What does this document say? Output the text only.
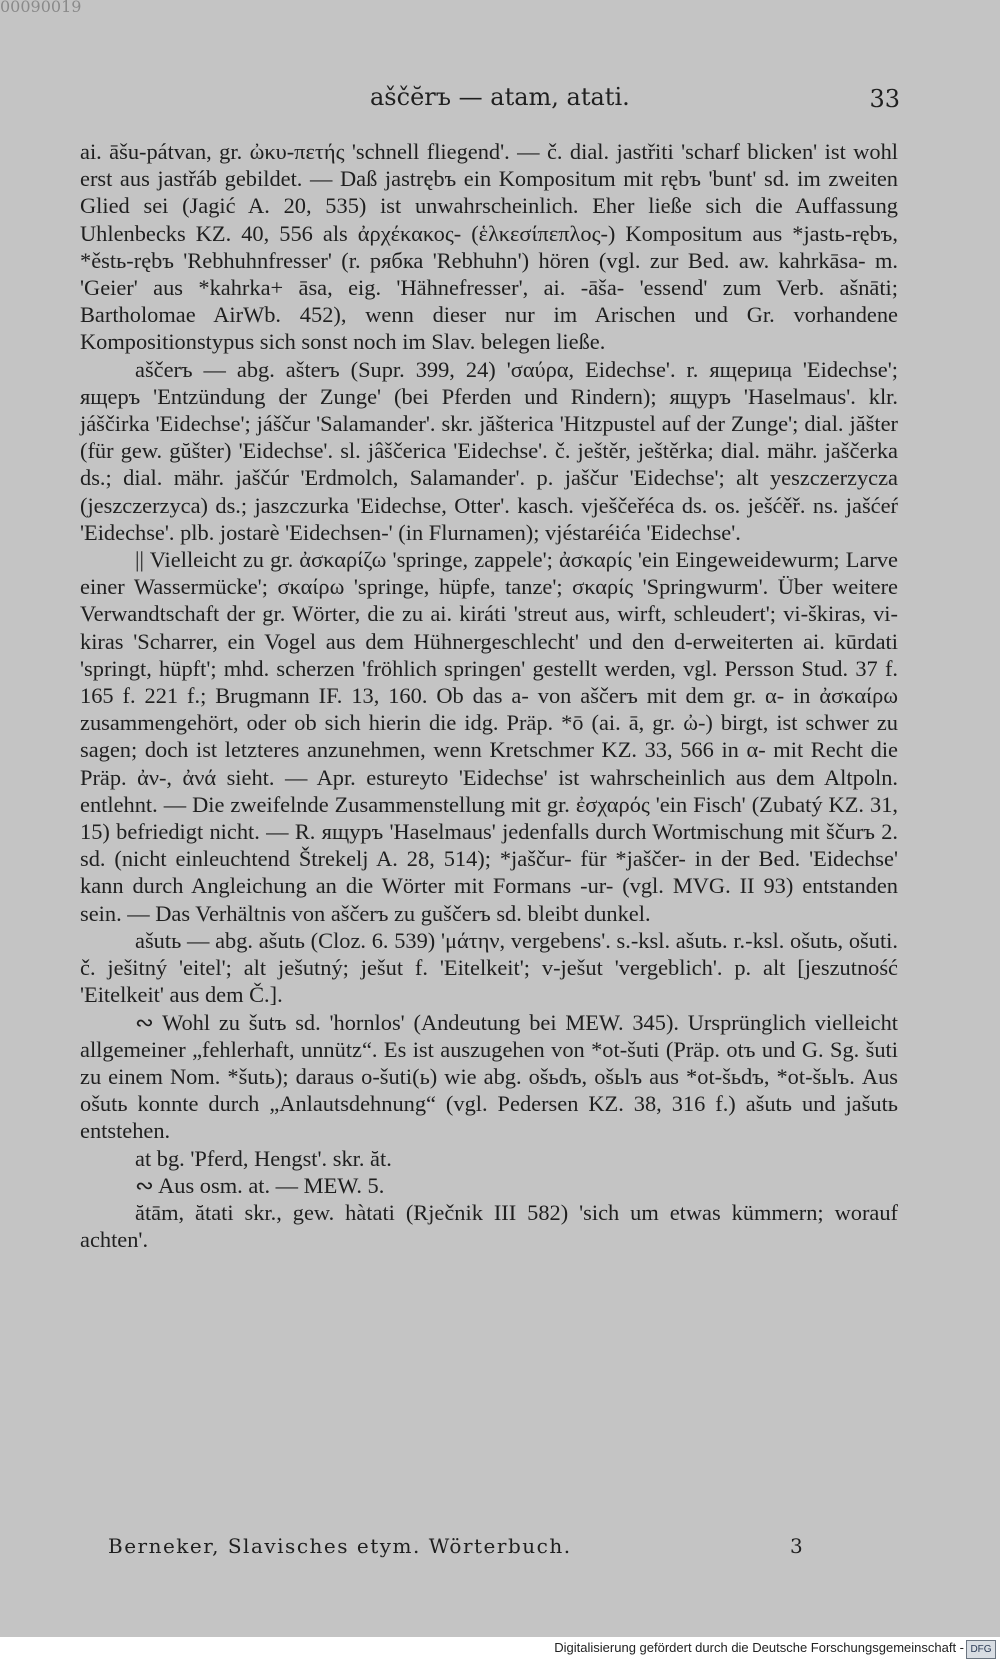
00090019
aščĕrъ — atam, atati.	33

ai. āšu-pátvan, gr. ὠκυ-πετής 'schnell fliegend'. — č. dial. jastřiti 'scharf blicken' ist wohl erst aus jastřáb gebildet. — Daß jastrębъ ein Kompositum mit rębъ 'bunt' sd. im zweiten Glied sei (Jagić A. 20, 535) ist unwahrscheinlich. Eher ließe sich die Auffassung Uhlenbecks KZ. 40, 556 als ἀρχέκακος- (ἑλκεσίπεπλος-) Kompositum aus *jastь-rębъ, *ěstь-rębъ 'Rebhuhnfresser' (r. рябка 'Rebhuhn') hören (vgl. zur Bed. aw. kahrkāsa- m. 'Geier' aus *kahrka+ āsa, eig. 'Hähnefresser', ai. -āša- 'essend' zum Verb. ašnāti; Bartholomae AirWb. 452), wenn dieser nur im Arischen und Gr. vorhandene Kompositionstypus sich sonst noch im Slav. belegen ließe.

aščerъ — abg. ašterъ (Supr. 399, 24) 'σαύρα, Eidechse'. r. ящерица 'Eidechse'; ящеръ 'Entzündung der Zunge' (bei Pferden und Rindern); ящуръ 'Haselmaus'. klr. jáščirka 'Eidechse'; jáščur 'Salamander'. skr. jăšterica 'Hitzpustel auf der Zunge'; dial. jăšter (für gew. gŭšter) 'Eidechse'. sl. jâščerica 'Eidechse'. č. ještěr, ještěrka; dial. mähr. jaščerka ds.; dial. mähr. jaščúr 'Erdmolch, Salamander'. p. jaščur 'Eidechse'; alt yeszczerzycza (jeszczerzyca) ds.; jaszczurka 'Eidechse, Otter'. kasch. vješčeřéca ds. os. ješćěř. ns. jašćeŕ 'Eidechse'. plb. jostarè 'Eidechsen-' (in Flurnamen); vjéstaréića 'Eidechse'.

|| Vielleicht zu gr. ἀσκαρίζω 'springe, zappele'; ἀσκαρίς 'ein Eingeweidewurm; Larve einer Wassermücke'; σκαίρω 'springe, hüpfe, tanze'; σκαρίς 'Springwurm'. Über weitere Verwandtschaft der gr. Wörter, die zu ai. kiráti 'streut aus, wirft, schleudert'; vi-škiras, vi-kiras 'Scharrer, ein Vogel aus dem Hühnergeschlecht' und den d-erweiterten ai. kūrdati 'springt, hüpft'; mhd. scherzen 'fröhlich springen' gestellt werden, vgl. Persson Stud. 37 f. 165 f. 221 f.; Brugmann IF. 13, 160. Ob das a- von aščerъ mit dem gr. α- in ἀσκαίρω zusammengehört, oder ob sich hierin die idg. Präp. *ō (ai. ā, gr. ὠ-) birgt, ist schwer zu sagen; doch ist letzteres anzunehmen, wenn Kretschmer KZ. 33, 566 in α- mit Recht die Präp. ἀν-, ἀνά sieht. — Apr. estureyto 'Eidechse' ist wahrscheinlich aus dem Altpoln. entlehnt. — Die zweifelnde Zusammenstellung mit gr. ἐσχαρός 'ein Fisch' (Zubatý KZ. 31, 15) befriedigt nicht. — R. ящуръ 'Haselmaus' jedenfalls durch Wortmischung mit ščurъ 2. sd. (nicht einleuchtend Štrekelj A. 28, 514); *jaščur- für *jaščer- in der Bed. 'Eidechse' kann durch Angleichung an die Wörter mit Formans -ur- (vgl. MVG. II 93) entstanden sein. — Das Verhältnis von aščerъ zu guščerъ sd. bleibt dunkel.

ašutь — abg. ašutь (Cloz. 6. 539) 'μάτην, vergebens'. s.-ksl. ašutь. r.-ksl. ošutь, ošuti. č. ješitný 'eitel'; alt ješutný; ješut f. 'Eitelkeit'; v-ješut 'vergeblich'. p. alt [jeszutność 'Eitelkeit' aus dem Č.].

∾ Wohl zu šutъ sd. 'hornlos' (Andeutung bei MEW. 345). Ursprünglich vielleicht allgemeiner „fehlerhaft, unnütz“. Es ist auszugehen von *ot-šuti (Präp. otъ und G. Sg. šuti zu einem Nom. *šutь); daraus o-šuti(ь) wie abg. ošьdъ, ošьlъ aus *ot-šьdъ, *ot-šьlъ. Aus ošutь konnte durch „Anlautsdehnung“ (vgl. Pedersen KZ. 38, 316 f.) ašutь und jašutь entstehen.

at bg. 'Pferd, Hengst'. skr. ăt.

∾ Aus osm. at. — MEW. 5.

ătām, ătati skr., gew. hàtati (Rječnik III 582) 'sich um etwas kümmern; worauf achten'.

Berneker, Slavisches etym. Wörterbuch.	3
Digitalisierung gefördert durch die Deutsche Forschungsgemeinschaft - DFG
